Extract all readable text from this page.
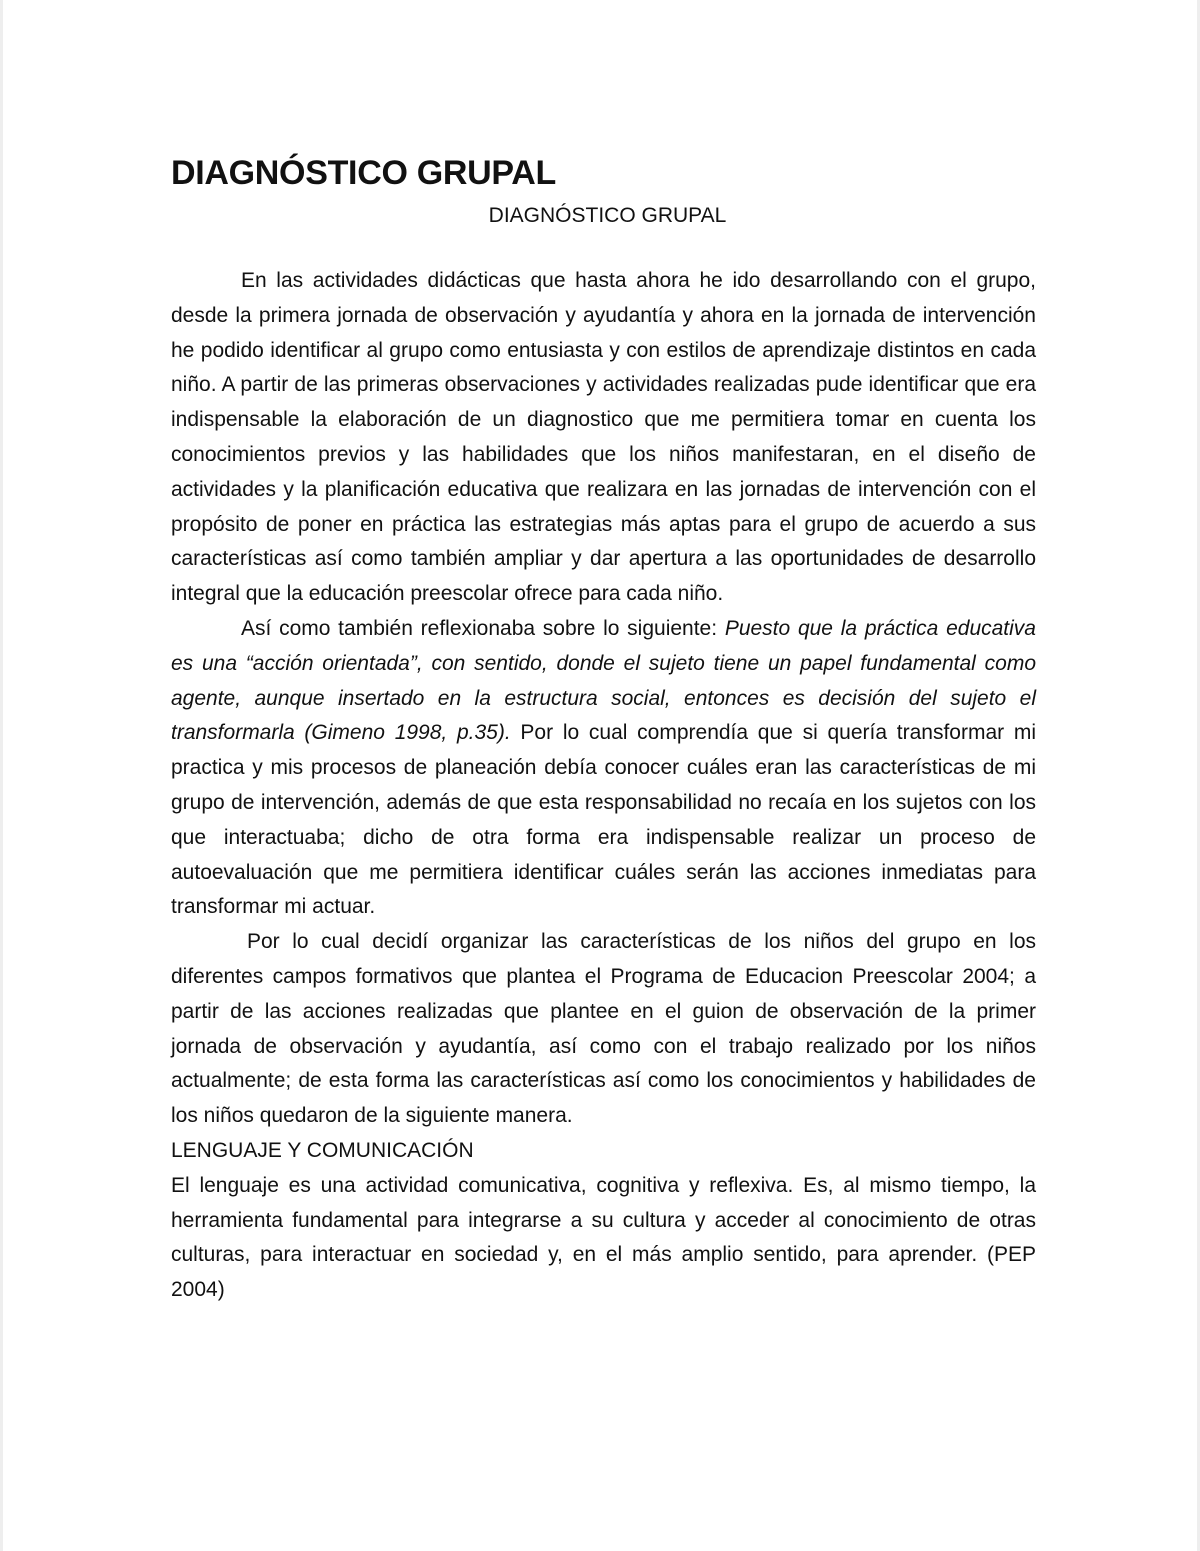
DIAGNÓSTICO GRUPAL

DIAGNÓSTICO GRUPAL

En las actividades didácticas que hasta ahora he ido desarrollando con el grupo, desde la primera jornada de observación y ayudantía y ahora en la jornada de intervención he podido identificar al grupo como entusiasta y con estilos de aprendizaje distintos en cada niño. A partir de las primeras observaciones y actividades realizadas pude identificar que era indispensable la elaboración de un diagnostico que me permitiera tomar en cuenta los conocimientos previos y las habilidades que los niños manifestaran, en el diseño de actividades y la planificación educativa que realizara en las jornadas de intervención con el propósito de poner en práctica las estrategias más aptas para el grupo de acuerdo a sus características así como también ampliar y dar apertura a las oportunidades de desarrollo integral que la educación preescolar ofrece para cada niño.

Así como también reflexionaba sobre lo siguiente: Puesto que la práctica educativa es una “acción orientada”, con sentido, donde el sujeto tiene un papel fundamental como agente, aunque insertado en la estructura social, entonces es decisión del sujeto el transformarla (Gimeno 1998, p.35). Por lo cual comprendía que si quería transformar mi practica y mis procesos de planeación debía conocer cuáles eran las características de mi grupo de intervención, además de que esta responsabilidad no recaía en los sujetos con los que interactuaba; dicho de otra forma era indispensable realizar un proceso de autoevaluación que me permitiera identificar cuáles serán las acciones inmediatas para transformar mi actuar.

Por lo cual decidí organizar las características de los niños del grupo en los diferentes campos formativos que plantea el Programa de Educacion Preescolar 2004; a partir de las acciones realizadas que plantee en el guion de observación de la primer jornada de observación y ayudantía, así como con el trabajo realizado por los niños actualmente; de esta forma las características así como los conocimientos y habilidades de los niños quedaron de la siguiente manera.

LENGUAJE Y COMUNICACIÓN

El lenguaje es una actividad comunicativa, cognitiva y reflexiva. Es, al mismo tiempo, la herramienta fundamental para integrarse a su cultura y acceder al conocimiento de otras culturas, para interactuar en sociedad y, en el más amplio sentido, para aprender. (PEP 2004)
